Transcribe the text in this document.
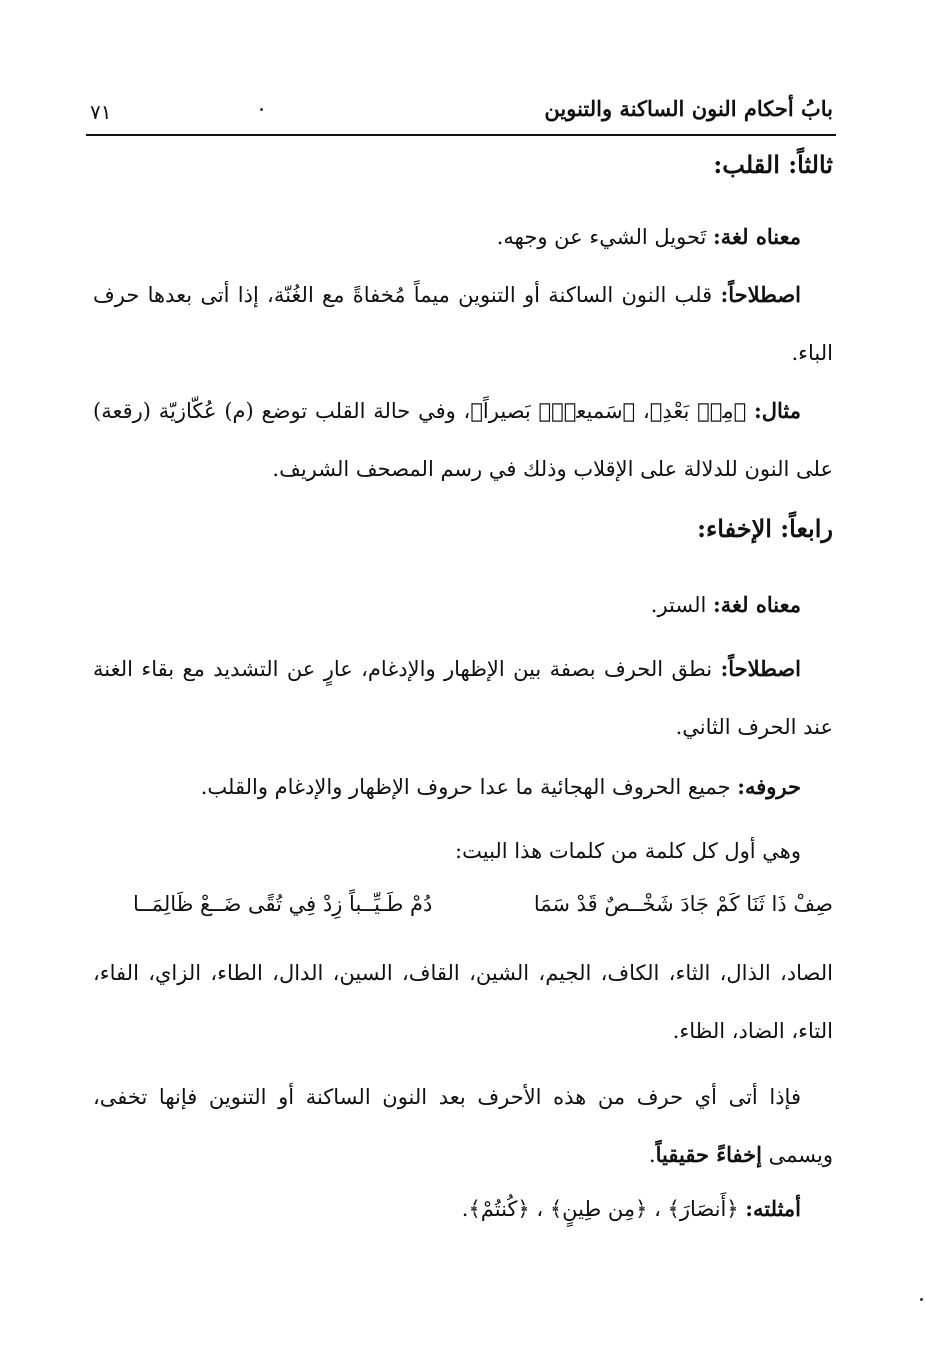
بابُ أحكام النون الساكنة والتنوين
٧١
ثالثاً: القلب:
معناه لغة: تَحويل الشيء عن وجهه.
اصطلاحاً: قلب النون الساكنة أو التنوين ميماً مُخفاةً مع الغُنّة، إذا أتى بعدها حرف الباء.
مثال: ﴿مِنۢ بَعْدِ﴾، ﴿سَميعاًۢ بَصيراً﴾، وفي حالة القلب توضع (م) عُكّازيّة (رقعة) على النون للدلالة على الإقلاب وذلك في رسم المصحف الشريف.
رابعاً: الإخفاء:
معناه لغة: الستر.
اصطلاحاً: نطق الحرف بصفة بين الإظهار والإدغام، عارٍ عن التشديد مع بقاء الغنة عند الحرف الثاني.
حروفه: جميع الحروف الهجائية ما عدا حروف الإظهار والإدغام والقلب.
وهي أول كل كلمة من كلمات هذا البيت:
صِفْ ذَا ثَنَا كَمْ جَادَ شَخْــصٌ قَدْ سَمَا
دُمْ طَـيِّــباً زِدْ فِي تُقًى ضَــعْ ظَالِمَــا
الصاد، الذال، الثاء، الكاف، الجيم، الشين، القاف، السين، الدال، الطاء، الزاي، الفاء، التاء، الضاد، الظاء.
فإذا أتى أي حرف من هذه الأحرف بعد النون الساكنة أو التنوين فإنها تخفى، ويسمى إخفاءً حقيقياً.
أمثلته: ﴿أَنصَارَ﴾ ، ﴿مِن طِينٍ﴾ ، ﴿كُنتُمْ﴾.
